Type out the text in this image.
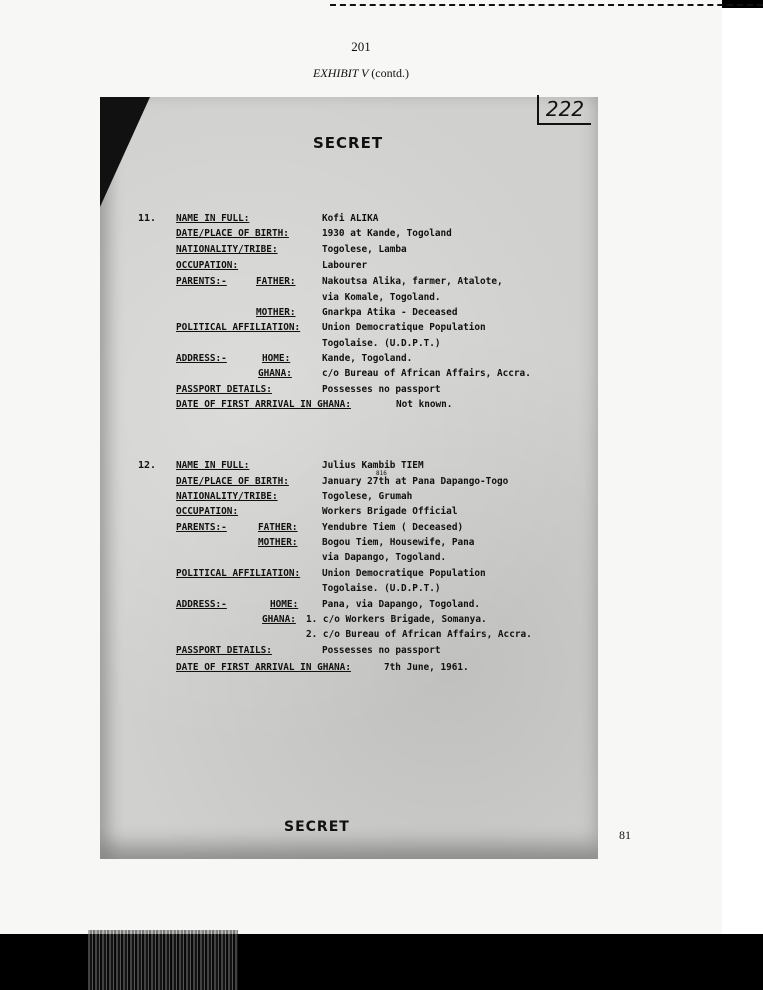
201
EXHIBIT V (contd.)
222
SECRET
11. NAME IN FULL:	Kofi ALIKA
DATE/PLACE OF BIRTH:	1930 at Kande, Togoland
NATIONALITY/TRIBE:	Togolese, Lamba
OCCUPATION:	Labourer
PARENTS:-	FATHER:	Nakoutsa Alika, farmer, Atalote,
via Komale, Togoland.
MOTHER:	Gnarkpa Atika - Deceased
POLITICAL AFFILIATION: Union Democratique Population
Togolaise. (U.D.P.T.)
ADDRESS:-	HOME:	Kande, Togoland.
GHANA:	c/o Bureau of African Affairs, Accra.
PASSPORT DETAILS:	Possesses no passport
DATE OF FIRST ARRIVAL IN GHANA:	Not known.
12. NAME IN FULL:	Julius Kambib TIEM
816
DATE/PLACE OF BIRTH:	January 27th at Pana Dapango-Togo
NATIONALITY/TRIBE:	Togolese, Grumah
OCCUPATION:	Workers Brigade Official
PARENTS:-	FATHER:	Yendubre Tiem ( Deceased)
MOTHER:	Bogou Tiem, Housewife, Pana
via Dapango, Togoland.
POLITICAL AFFILIATION: Union Democratique Population
Togolaise. (U.D.P.T.)
ADDRESS:-	HOME:	Pana, via Dapango, Togoland.
GHANA: 1. c/o Workers Brigade, Somanya.
2. c/o Bureau of African Affairs, Accra.
PASSPORT DETAILS:	Possesses no passport
DATE OF FIRST ARRIVAL IN GHANA:	7th June, 1961.
SECRET	81
